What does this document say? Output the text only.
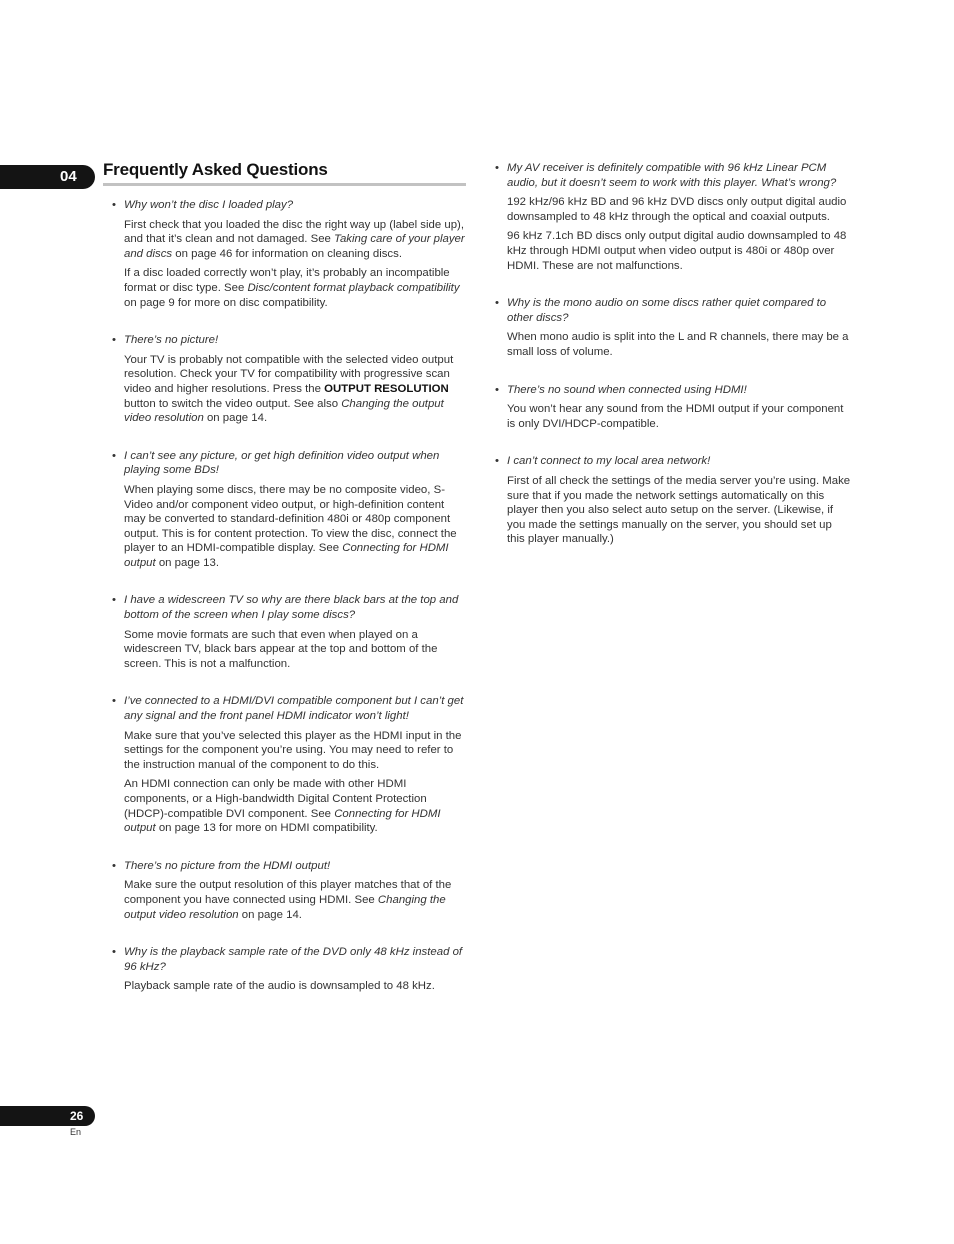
04	Frequently Asked Questions

• Why won’t the disc I loaded play?

First check that you loaded the disc the right way up (label side up), and that it’s clean and not damaged. See Taking care of your player and discs on page 46 for information on cleaning discs.

If a disc loaded correctly won’t play, it’s probably an incompatible format or disc type. See Disc/content format playback compatibility on page 9 for more on disc compatibility.

• There’s no picture!

Your TV is probably not compatible with the selected video output resolution. Check your TV for compatibility with progressive scan video and higher resolutions. Press the OUTPUT RESOLUTION button to switch the video output. See also Changing the output video resolution on page 14.

• I can’t see any picture, or get high definition video output when playing some BDs!

When playing some discs, there may be no composite video, S-Video and/or component video output, or high-definition content may be converted to standard-definition 480i or 480p component output. This is for content protection. To view the disc, connect the player to an HDMI-compatible display. See Connecting for HDMI output on page 13.

• I have a widescreen TV so why are there black bars at the top and bottom of the screen when I play some discs?

Some movie formats are such that even when played on a widescreen TV, black bars appear at the top and bottom of the screen. This is not a malfunction.

• I’ve connected to a HDMI/DVI compatible component but I can’t get any signal and the front panel HDMI indicator won’t light!

Make sure that you’ve selected this player as the HDMI input in the settings for the component you’re using. You may need to refer to the instruction manual of the component to do this.

An HDMI connection can only be made with other HDMI components, or a High-bandwidth Digital Content Protection (HDCP)-compatible DVI component. See Connecting for HDMI output on page 13 for more on HDMI compatibility.

• There’s no picture from the HDMI output!

Make sure the output resolution of this player matches that of the component you have connected using HDMI. See Changing the output video resolution on page 14.

• Why is the playback sample rate of the DVD only 48 kHz instead of 96 kHz?

Playback sample rate of the audio is downsampled to 48 kHz.

• My AV receiver is definitely compatible with 96 kHz Linear PCM audio, but it doesn’t seem to work with this player. What’s wrong?

192 kHz/96 kHz BD and 96 kHz DVD discs only output digital audio downsampled to 48 kHz through the optical and coaxial outputs.

96 kHz 7.1ch BD discs only output digital audio downsampled to 48 kHz through HDMI output when video output is 480i or 480p over HDMI. These are not malfunctions.

• Why is the mono audio on some discs rather quiet compared to other discs?

When mono audio is split into the L and R channels, there may be a small loss of volume.

• There’s no sound when connected using HDMI!

You won’t hear any sound from the HDMI output if your component is only DVI/HDCP-compatible.

• I can’t connect to my local area network!

First of all check the settings of the media server you’re using. Make sure that if you made the network settings automatically on this player then you also select auto setup on the server. (Likewise, if you made the settings manually on the server, you should set up this player manually.)

26
En
